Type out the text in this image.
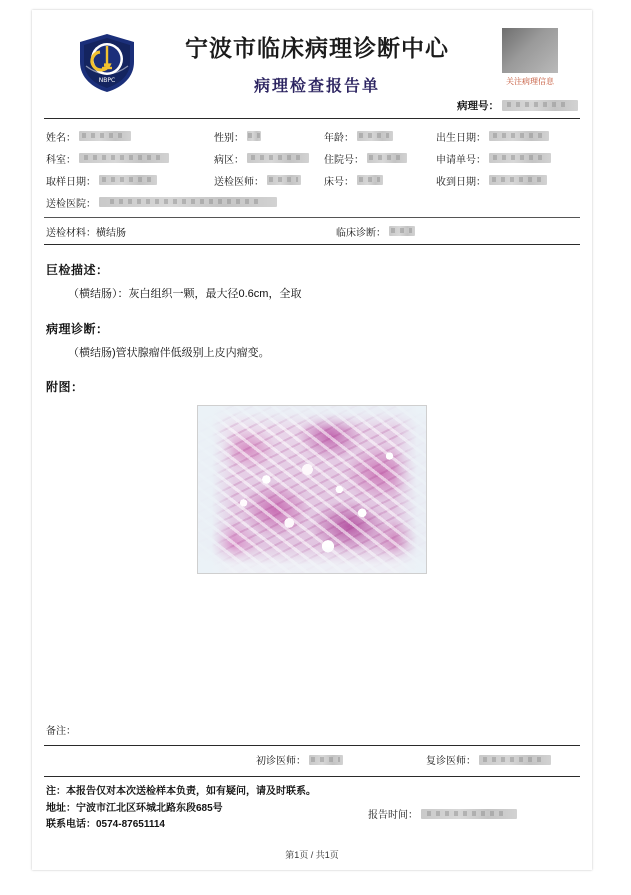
NBPC
宁波市临床病理诊断中心
病理检查报告单	关注病理信息
病理号：
姓名：	性别：	年龄：	出生日期：
科室：	病区：	住院号：	申请单号：
取样日期：	送检医师：	床号：	收到日期：
送检医院：
送检材料： 横结肠	临床诊断：
巨检描述：
（横结肠）：灰白组织一颗，最大径0.6cm，全取
病理诊断：
（横结肠)管状腺瘤伴低级别上皮内瘤变。
附图：
备注：
初诊医师：	复诊医师：
注：本报告仅对本次送检样本负责，如有疑问，请及时联系。
地址：宁波市江北区环城北路东段685号
联系电话：0574-87651114
报告时间：
第1页 / 共1页
